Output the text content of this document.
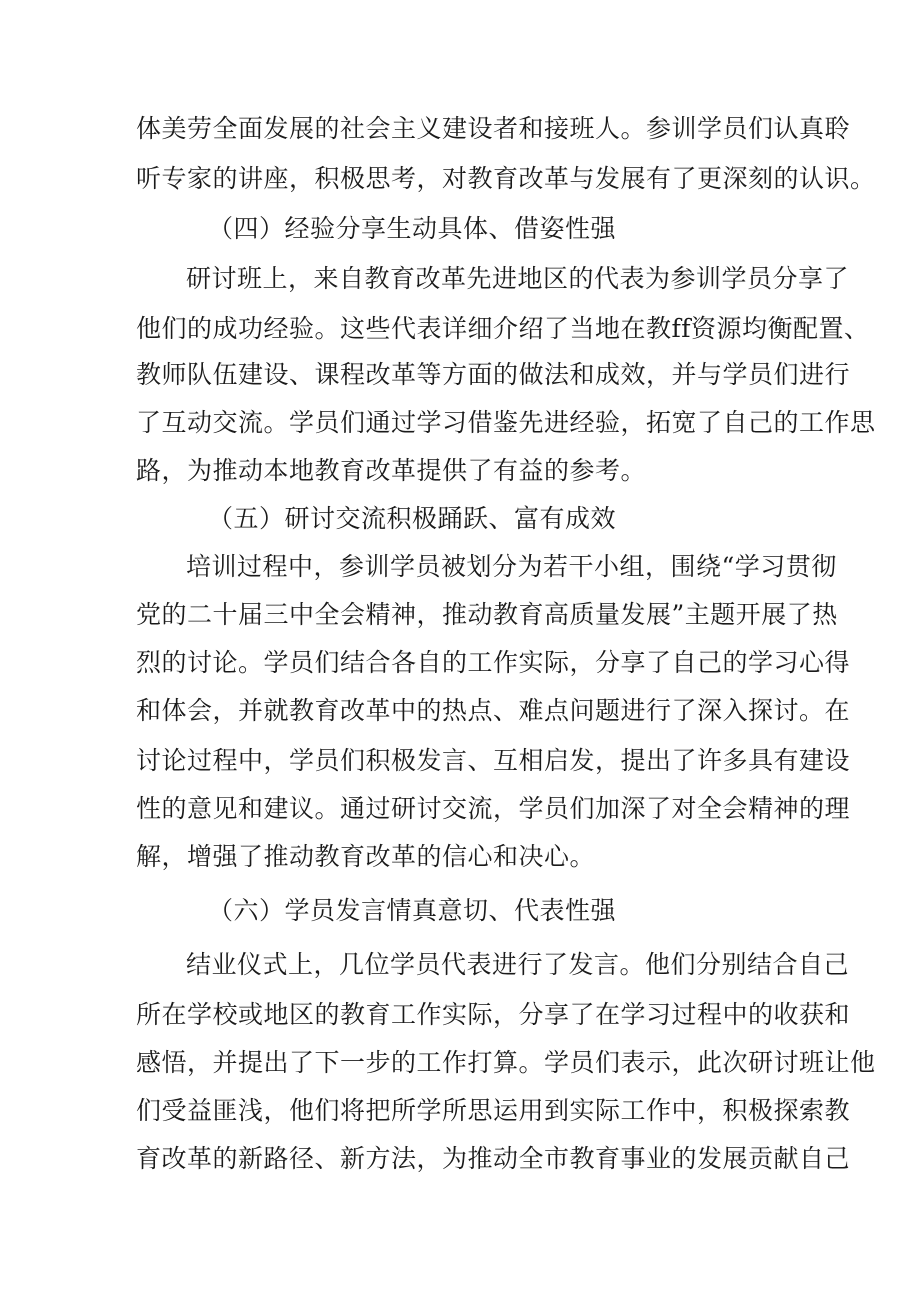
体美劳全面发展的社会主义建设者和接班人。参训学员们认真聆
听专家的讲座，积极思考，对教育改革与发展有了更深刻的认识。
（四）经验分享生动具体、借姿性强
研讨班上，来自教育改革先进地区的代表为参训学员分享了
他们的成功经验。这些代表详细介绍了当地在教ff资源均衡配置、
教师队伍建设、课程改革等方面的做法和成效，并与学员们进行
了互动交流。学员们通过学习借鉴先进经验，拓宽了自己的工作思
路，为推动本地教育改革提供了有益的参考。
（五）研讨交流积极踊跃、富有成效
培训过程中，参训学员被划分为若干小组，围绕“学习贯彻
党的二十届三中全会精神，推动教育高质量发展”主题开展了热
烈的讨论。学员们结合各自的工作实际，分享了自己的学习心得
和体会，并就教育改革中的热点、难点问题进行了深入探讨。在
讨论过程中，学员们积极发言、互相启发，提出了许多具有建设
性的意见和建议。通过研讨交流，学员们加深了对全会精神的理
解，增强了推动教育改革的信心和决心。
（六）学员发言情真意切、代表性强
结业仪式上，几位学员代表进行了发言。他们分别结合自己
所在学校或地区的教育工作实际，分享了在学习过程中的收获和
感悟，并提出了下一步的工作打算。学员们表示，此次研讨班让他
们受益匪浅，他们将把所学所思运用到实际工作中，积极探索教
育改革的新路径、新方法，为推动全市教育事业的发展贡献自己
